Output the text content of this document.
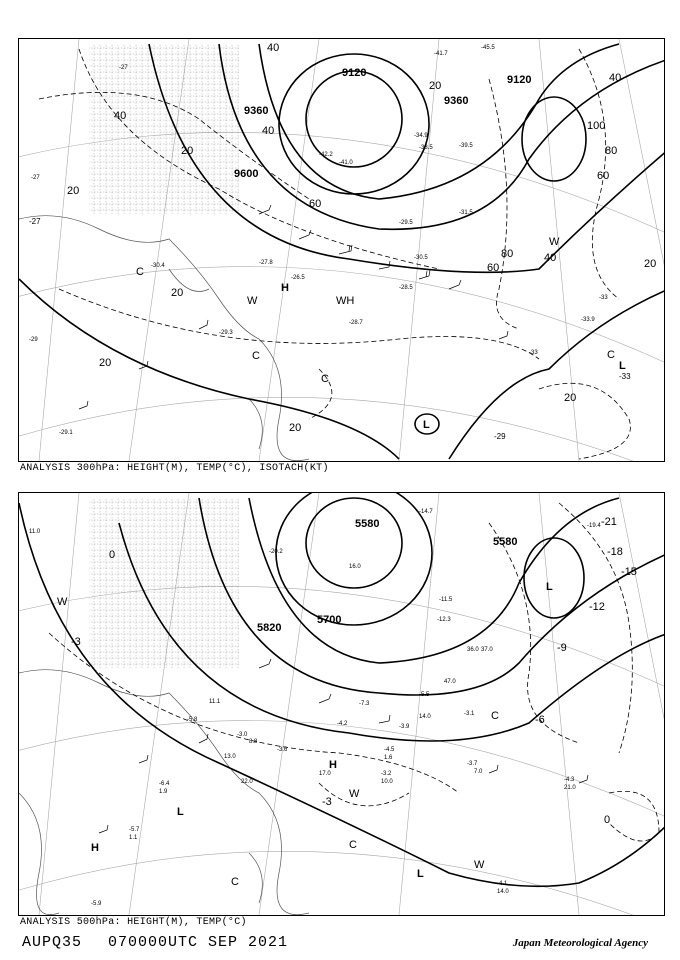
9120
9120
9360
9360
9600
40
40
20
20
20
40
60
100
80
60
80
60
40
20
20
20
20
20
40
H
WH
W
W
C
C
C
C
L
L
-27
-27
-28.5
-29.5
-30.5
-31.5
-33
-33.9
-34.9
-38.5	-39.5
-41.0
-41.7
-42.2
-45.5
-28.7
-29.3
-26.5
-29
-30.4	-27.8
-29.1
-33
-29
-33
-27
ANALYSIS 300hPa: HEIGHT(M), TEMP(°C), ISOTACH(KT)
5580
5580
5700
5820
-21
-18
-15
-12
-9
-6
-3
-3
0
0
H
H
W
W
W
C
C
C
L
L
L
-3.7
-4.5
-4.1
-5.5
-5.8
-3.9
-3.0
-3.2
-4.3
-14.7
-12.3
-11.5
-19.4
-20.2
-6.4
-3.6
-5.7
-5.9
-4.2
-7.3
-3.1
7.0
21.0
14.0
13.0
16.0
22.0
11.1
1.6
1.9
1.1
10.0
8.8
17.0
37.0
36.0
47.0
14.0
11.0
ANALYSIS 500hPa: HEIGHT(M), TEMP(°C)
AUPQ35 070000UTC SEP 2021	Japan Meteorological Agency
